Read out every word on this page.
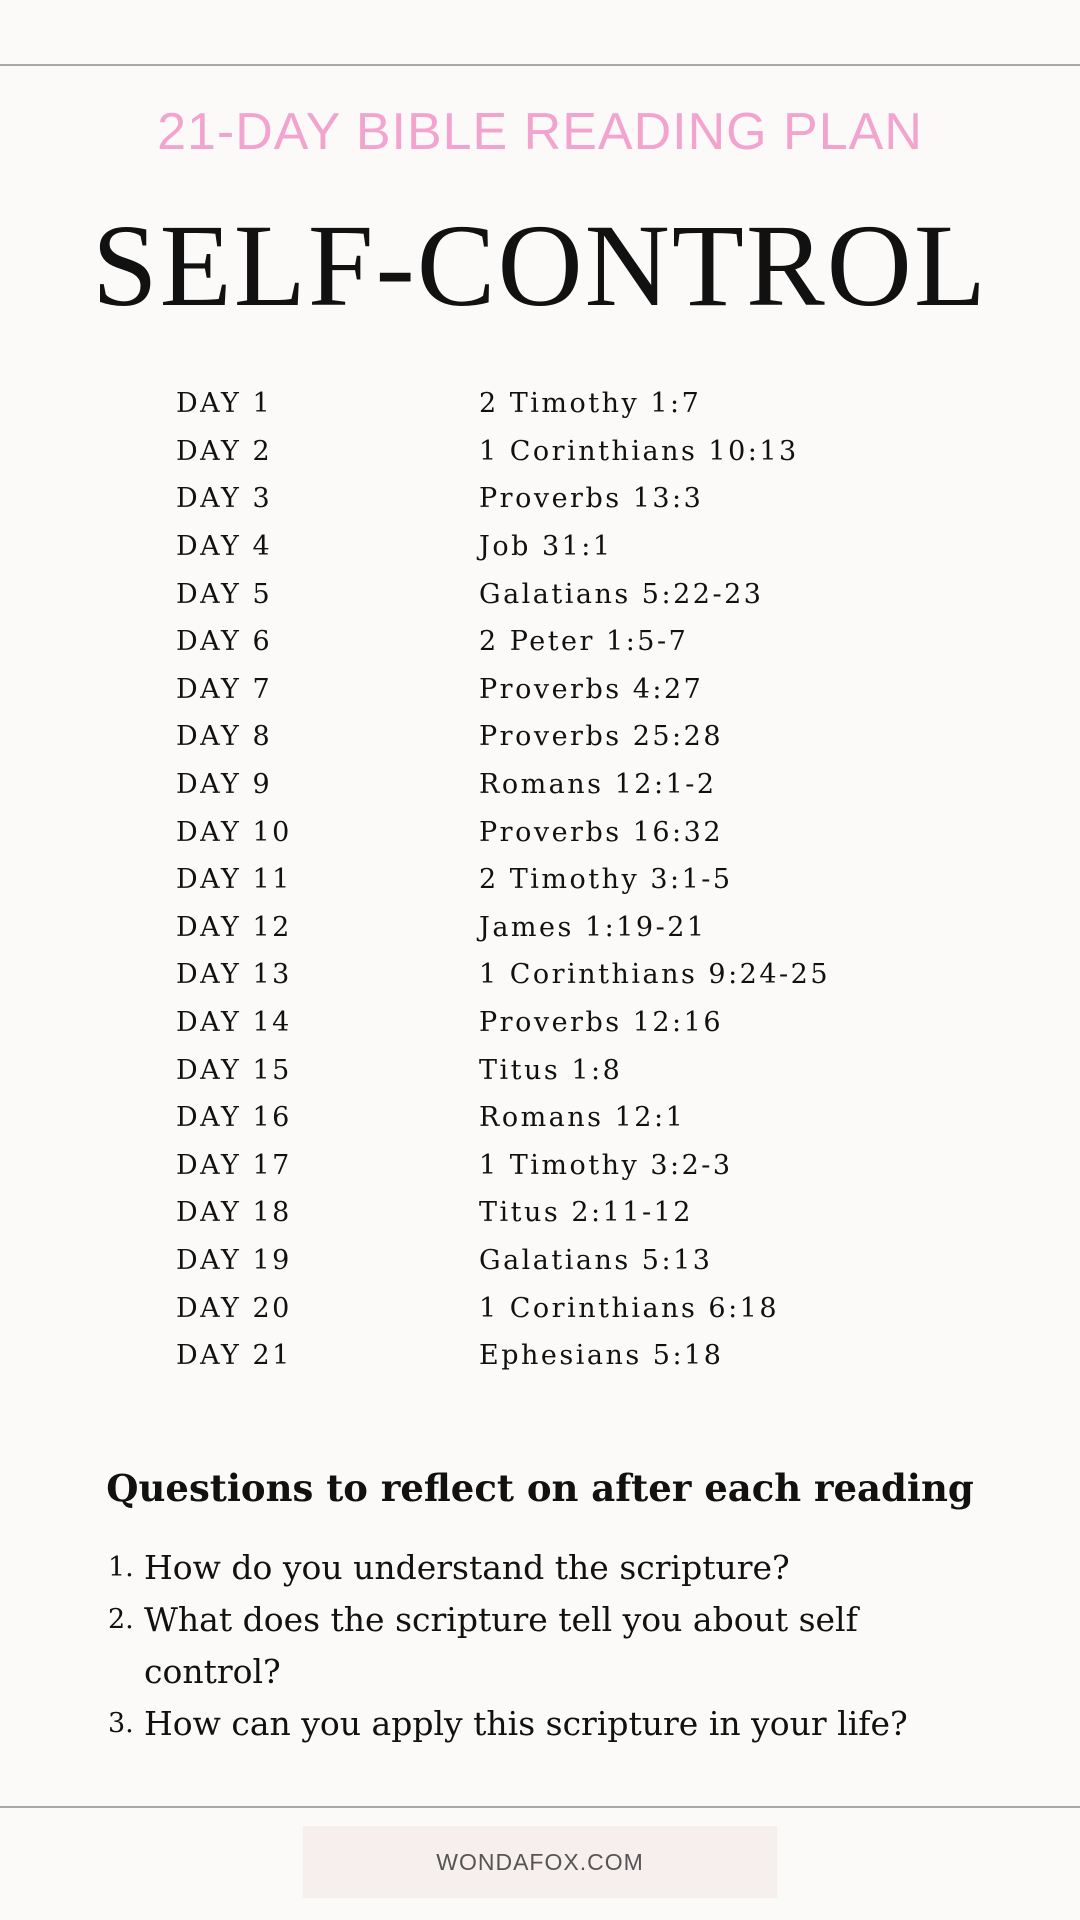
21-DAY BIBLE READING PLAN
SELF-CONTROL
DAY 1	2 Timothy 1:7
DAY 2	1 Corinthians 10:13
DAY 3	Proverbs 13:3
DAY 4	Job 31:1
DAY 5	Galatians 5:22-23
DAY 6	2 Peter 1:5-7
DAY 7	Proverbs 4:27
DAY 8	Proverbs 25:28
DAY 9	Romans 12:1-2
DAY 10	Proverbs 16:32
DAY 11	2 Timothy 3:1-5
DAY 12	James 1:19-21
DAY 13	1 Corinthians 9:24-25
DAY 14	Proverbs 12:16
DAY 15	Titus 1:8
DAY 16	Romans 12:1
DAY 17	1 Timothy 3:2-3
DAY 18	Titus 2:11-12
DAY 19	Galatians 5:13
DAY 20	1 Corinthians 6:18
DAY 21	Ephesians 5:18
Questions to reflect on after each reading
1. How do you understand the scripture?
2. What does the scripture tell you about self control?
3. How can you apply this scripture in your life?
WONDAFOX.COM
